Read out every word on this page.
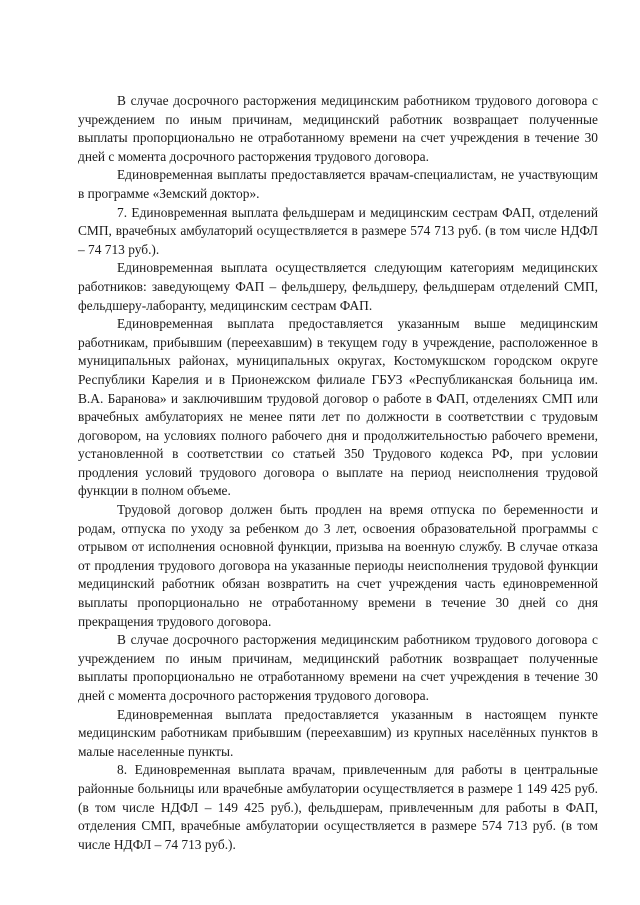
В случае досрочного расторжения медицинским работником трудового договора с учреждением по иным причинам, медицинский работник возвращает полученные выплаты пропорционально не отработанному времени на счет учреждения в течение 30 дней с момента досрочного расторжения трудового договора.

Единовременная выплаты предоставляется врачам-специалистам, не участвующим в программе «Земский доктор».

7. Единовременная выплата фельдшерам и медицинским сестрам ФАП, отделений СМП, врачебных амбулаторий осуществляется в размере 574 713 руб. (в том числе НДФЛ – 74 713 руб.).

Единовременная выплата осуществляется следующим категориям медицинских работников: заведующему ФАП – фельдшеру, фельдшеру, фельдшерам отделений СМП, фельдшеру-лаборанту, медицинским сестрам ФАП.

Единовременная выплата предоставляется указанным выше медицинским работникам, прибывшим (переехавшим) в текущем году в учреждение, расположенное в муниципальных районах, муниципальных округах, Костомукшском городском округе Республики Карелия и в Прионежском филиале ГБУЗ «Республиканская больница им. В.А. Баранова» и заключившим трудовой договор о работе в ФАП, отделениях СМП или врачебных амбулаториях не менее пяти лет по должности в соответствии с трудовым договором, на условиях полного рабочего дня и продолжительностью рабочего времени, установленной в соответствии со статьей 350 Трудового кодекса РФ, при условии продления условий трудового договора о выплате на период неисполнения трудовой функции в полном объеме.

Трудовой договор должен быть продлен на время отпуска по беременности и родам, отпуска по уходу за ребенком до 3 лет, освоения образовательной программы с отрывом от исполнения основной функции, призыва на военную службу. В случае отказа от продления трудового договора на указанные периоды неисполнения трудовой функции медицинский работник обязан возвратить на счет учреждения часть единовременной выплаты пропорционально не отработанному времени в течение 30 дней со дня прекращения трудового договора.

В случае досрочного расторжения медицинским работником трудового договора с учреждением по иным причинам, медицинский работник возвращает полученные выплаты пропорционально не отработанному времени на счет учреждения в течение 30 дней с момента досрочного расторжения трудового договора.

Единовременная выплата предоставляется указанным в настоящем пункте медицинским работникам прибывшим (переехавшим) из крупных населённых пунктов в малые населенные пункты.

8. Единовременная выплата врачам, привлеченным для работы в центральные районные больницы или врачебные амбулатории осуществляется в размере 1 149 425 руб. (в том числе НДФЛ – 149 425 руб.), фельдшерам, привлеченным для работы в ФАП, отделения СМП, врачебные амбулатории осуществляется в размере 574 713 руб. (в том числе НДФЛ – 74 713 руб.).
